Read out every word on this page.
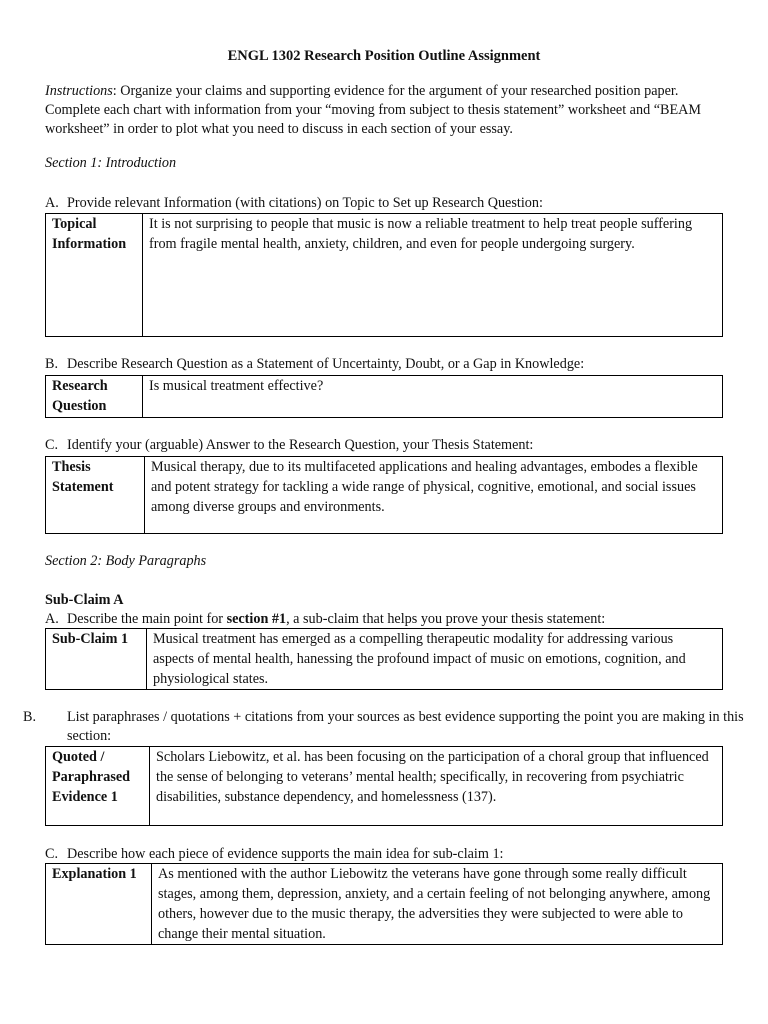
ENGL 1302 Research Position Outline Assignment
Instructions: Organize your claims and supporting evidence for the argument of your researched position paper. Complete each chart with information from your “moving from subject to thesis statement” worksheet and “BEAM worksheet” in order to plot what you need to discuss in each section of your essay.
Section 1: Introduction
A. Provide relevant Information (with citations) on Topic to Set up Research Question:
Topical
Information	It is not surprising to people that music is now a reliable treatment to help treat people suffering from fragile mental health, anxiety, children, and even for people undergoing surgery.
B. Describe Research Question as a Statement of Uncertainty, Doubt, or a Gap in Knowledge:
Research
Question	Is musical treatment effective?
C. Identify your (arguable) Answer to the Research Question, your Thesis Statement:
Thesis
Statement	Musical therapy, due to its multifaceted applications and healing advantages, embodes a flexible and potent strategy for tackling a wide range of physical, cognitive, emotional, and social issues among diverse groups and environments.
Section 2: Body Paragraphs
Sub-Claim A
A. Describe the main point for section #1, a sub-claim that helps you prove your thesis statement:
Sub-Claim 1	Musical treatment has emerged as a compelling therapeutic modality for addressing various aspects of mental health, hanessing the profound impact of music on emotions, cognition, and physiological states.
B. List paraphrases / quotations + citations from your sources as best evidence supporting the point you are making in this section:
Quoted /
Paraphrased
Evidence 1	Scholars Liebowitz, et al. has been focusing on the participation of a choral group that influenced the sense of belonging to veterans’ mental health; specifically, in recovering from psychiatric disabilities, substance dependency, and homelessness (137).
C. Describe how each piece of evidence supports the main idea for sub-claim 1:
Explanation 1	As mentioned with the author Liebowitz the veterans have gone through some really difficult stages, among them, depression, anxiety, and a certain feeling of not belonging anywhere, among others, however due to the music therapy, the adversities they were subjected to were able to change their mental situation.
